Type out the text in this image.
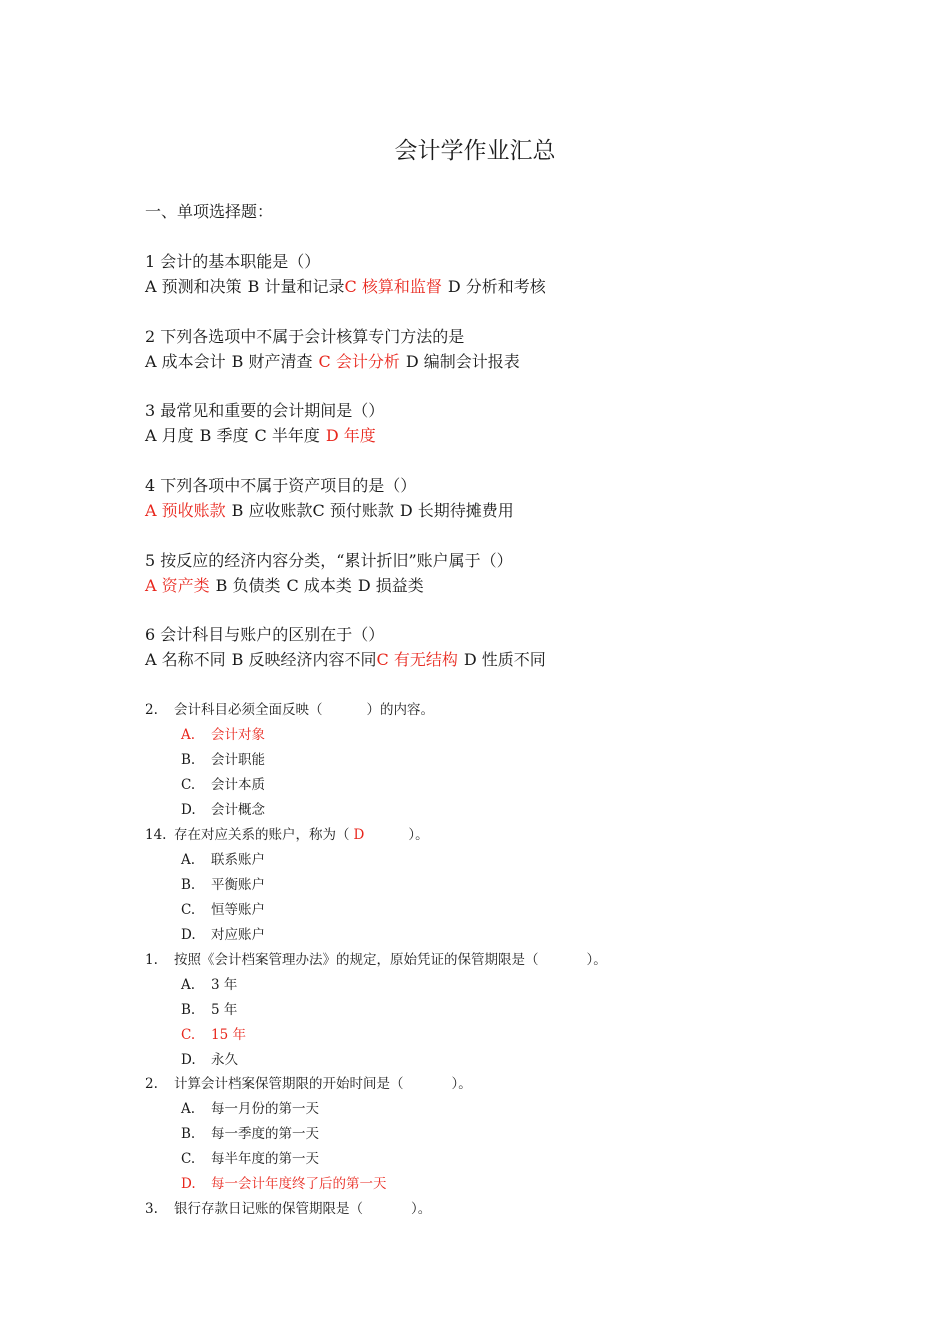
会计学作业汇总
一、单项选择题：
1 会计的基本职能是（）
A 预测和决策 B 计量和记录C 核算和监督 D 分析和考核
2 下列各选项中不属于会计核算专门方法的是
A 成本会计 B 财产清查 C 会计分析 D 编制会计报表
3 最常见和重要的会计期间是（）
A 月度 B 季度 C 半年度 D 年度
4 下列各项中不属于资产项目的是（）
A 预收账款 B 应收账款C 预付账款 D 长期待摊费用
5 按反应的经济内容分类，“累计折旧”账户属于（）
A 资产类 B 负债类 C 成本类 D 损益类
6 会计科目与账户的区别在于（）
A 名称不同 B 反映经济内容不同C 有无结构 D 性质不同
2. 会计科目必须全面反映（	）的内容。
A. 会计对象
B. 会计职能
C. 会计本质
D. 会计概念
14. 存在对应关系的账户，称为（ D	）。
A. 联系账户
B. 平衡账户
C. 恒等账户
D. 对应账户
1. 按照《会计档案管理办法》的规定，原始凭证的保管期限是（	）。
A. 3 年
B. 5 年
C. 15 年
D. 永久
2. 计算会计档案保管期限的开始时间是（	）。
A. 每一月份的第一天
B. 每一季度的第一天
C. 每半年度的第一天
D. 每一会计年度终了后的第一天
3. 银行存款日记账的保管期限是（	）。
